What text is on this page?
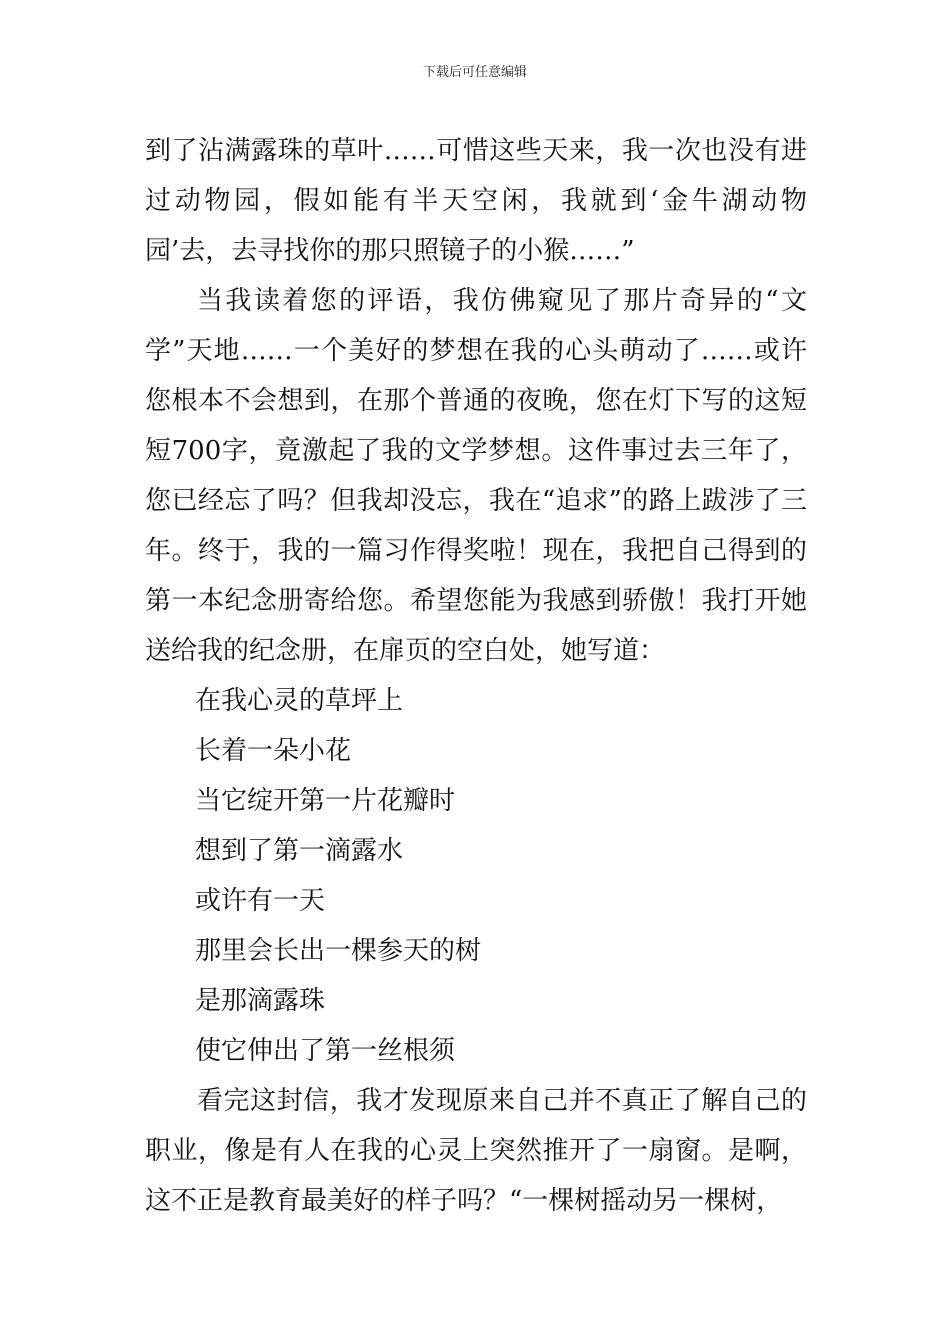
下载后可任意编辑

到了沾满露珠的草叶……可惜这些天来，我一次也没有进过动物园，假如能有半天空闲，我就到‘金牛湖动物园’去，去寻找你的那只照镜子的小猴……”

当我读着您的评语，我仿佛窥见了那片奇异的“文学”天地……一个美好的梦想在我的心头萌动了……或许您根本不会想到，在那个普通的夜晚，您在灯下写的这短短700字，竟激起了我的文学梦想。这件事过去三年了，您已经忘了吗？但我却没忘，我在“追求”的路上跋涉了三年。终于，我的一篇习作得奖啦！现在，我把自己得到的第一本纪念册寄给您。希望您能为我感到骄傲！我打开她送给我的纪念册，在扉页的空白处，她写道：

在我心灵的草坪上
长着一朵小花
当它绽开第一片花瓣时
想到了第一滴露水
或许有一天
那里会长出一棵参天的树
是那滴露珠
使它伸出了第一丝根须

看完这封信，我才发现原来自己并不真正了解自己的职业，像是有人在我的心灵上突然推开了一扇窗。是啊，这不正是教育最美好的样子吗？“一棵树摇动另一棵树，
